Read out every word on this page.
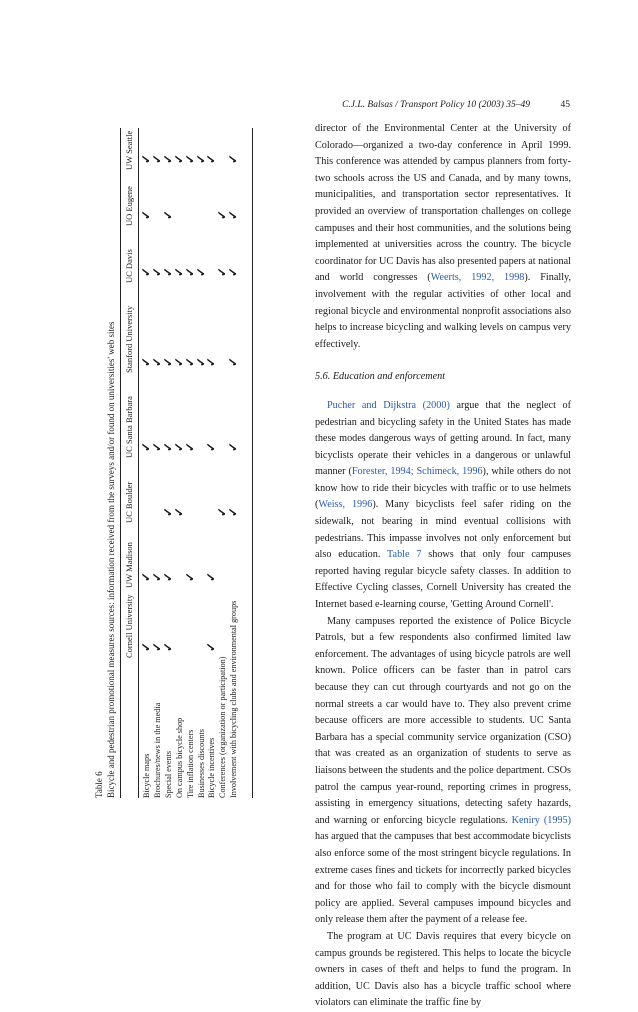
C.J.L. Balsas / Transport Policy 10 (2003) 35–49	45
Table 6 Bicycle and pedestrian promotional measures sources: information received from the surveys and/or found on universities' web sites Cornell University
UW Madison
UC Boulder
UC Santa Barbara
Stanford University
UC Davis
UO Eugene
UW Seattle
Bicycle maps
✓
✓
✓
✓
✓
✓
✓
Brochures/news in the media
✓
✓
✓
✓
✓
✓
Special events
✓
✓
✓
✓
✓
✓
✓
✓
On campus bicycle shop
✓
✓
✓
✓
✓
Tire inflation centers
✓
✓
✓
✓
✓
Businesses discounts
✓
✓
✓
Bicycle incentives
✓
✓
✓
✓
✓
Conferences (organization or participation)
✓
✓
✓
Involvement with bicycling clubs and environmental groups
✓
✓
✓
✓
✓
✓

director of the Environmental Center at the University of Colorado—organized a two-day conference in April 1999. This conference was attended by campus planners from forty-two schools across the US and Canada, and by many towns, municipalities, and transportation sector representatives. It provided an overview of transportation challenges on college campuses and their host communities, and the solutions being implemented at universities across the country. The bicycle coordinator for UC Davis has also presented papers at national and world congresses (Weerts, 1992, 1998). Finally, involvement with the regular activities of other local and regional bicycle and environmental nonprofit associations also helps to increase bicycling and walking levels on campus very effectively.

5.6. Education and enforcement

Pucher and Dijkstra (2000) argue that the neglect of pedestrian and bicycling safety in the United States has made these modes dangerous ways of getting around. In fact, many bicyclists operate their vehicles in a dangerous or unlawful manner (Forester, 1994; Schimeck, 1996), while others do not know how to ride their bicycles with traffic or to use helmets (Weiss, 1996). Many bicyclists feel safer riding on the sidewalk, not bearing in mind eventual collisions with pedestrians. This impasse involves not only enforcement but also education. Table 7 shows that only four campuses reported having regular bicycle safety classes. In addition to Effective Cycling classes, Cornell University has created the Internet based e-learning course, 'Getting Around Cornell'.

Many campuses reported the existence of Police Bicycle Patrols, but a few respondents also confirmed limited law enforcement. The advantages of using bicycle patrols are well known. Police officers can be faster than in patrol cars because they can cut through courtyards and not go on the normal streets a car would have to. They also prevent crime because officers are more accessible to students. UC Santa Barbara has a special community service organization (CSO) that was created as an organization of students to serve as liaisons between the students and the police department. CSOs patrol the campus year-round, reporting crimes in progress, assisting in emergency situations, detecting safety hazards, and warning or enforcing bicycle regulations. Keniry (1995) has argued that the campuses that best accommodate bicyclists also enforce some of the most stringent bicycle regulations. In extreme cases fines and tickets for incorrectly parked bicycles and for those who fail to comply with the bicycle dismount policy are applied. Several campuses impound bicycles and only release them after the payment of a release fee.

The program at UC Davis requires that every bicycle on campus grounds be registered. This helps to locate the bicycle owners in cases of theft and helps to fund the program. In addition, UC Davis also has a bicycle traffic school where violators can eliminate the traffic fine by
